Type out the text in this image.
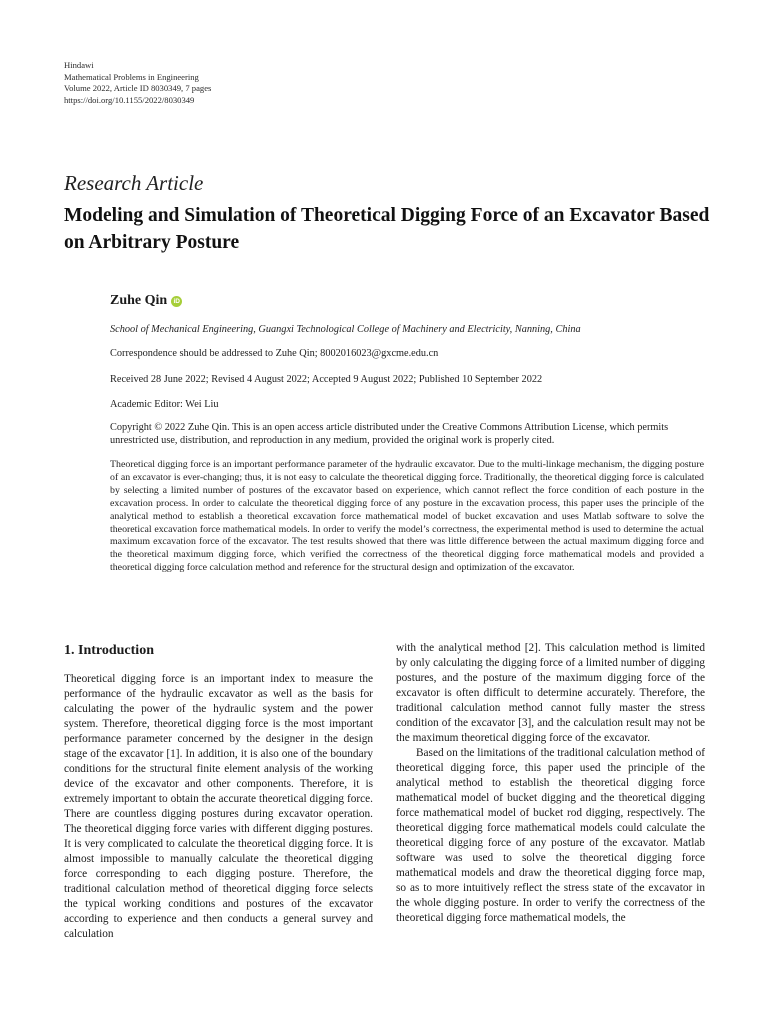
Hindawi
Mathematical Problems in Engineering
Volume 2022, Article ID 8030349, 7 pages
https://doi.org/10.1155/2022/8030349
Research Article
Modeling and Simulation of Theoretical Digging Force of an Excavator Based on Arbitrary Posture
Zuhe Qin iD
School of Mechanical Engineering, Guangxi Technological College of Machinery and Electricity, Nanning, China
Correspondence should be addressed to Zuhe Qin; 8002016023@gxcme.edu.cn
Received 28 June 2022; Revised 4 August 2022; Accepted 9 August 2022; Published 10 September 2022
Academic Editor: Wei Liu
Copyright © 2022 Zuhe Qin. This is an open access article distributed under the Creative Commons Attribution License, which permits unrestricted use, distribution, and reproduction in any medium, provided the original work is properly cited.
Theoretical digging force is an important performance parameter of the hydraulic excavator. Due to the multi-linkage mechanism, the digging posture of an excavator is ever-changing; thus, it is not easy to calculate the theoretical digging force. Traditionally, the theoretical digging force is calculated by selecting a limited number of postures of the excavator based on experience, which cannot reflect the force condition of each posture in the excavation process. In order to calculate the theoretical digging force of any posture in the excavation process, this paper uses the principle of the analytical method to establish a theoretical excavation force mathematical model of bucket excavation and uses Matlab software to solve the theoretical excavation force mathematical models. In order to verify the model’s correctness, the experimental method is used to determine the actual maximum excavation force of the excavator. The test results showed that there was little difference between the actual maximum digging force and the theoretical maximum digging force, which verified the correctness of the theoretical digging force mathematical models and provided a theoretical digging force calculation method and reference for the structural design and optimization of the excavator.
1. Introduction

Theoretical digging force is an important index to measure the performance of the hydraulic excavator as well as the basis for calculating the power of the hydraulic system and the power system. Therefore, theoretical digging force is the most important performance parameter concerned by the designer in the design stage of the excavator [1]. In addition, it is also one of the boundary conditions for the structural finite element analysis of the working device of the excavator and other components. Therefore, it is extremely important to obtain the accurate theoretical digging force. There are countless digging postures during excavator operation. The theoretical digging force varies with different digging postures. It is very complicated to calculate the theoretical digging force. It is almost impossible to manually calculate the theoretical digging force corresponding to each digging posture. Therefore, the traditional calculation method of theoretical digging force selects the typical working conditions and postures of the excavator according to experience and then conducts a general survey and calculation

with the analytical method [2]. This calculation method is limited by only calculating the digging force of a limited number of digging postures, and the posture of the maximum digging force of the excavator is often difficult to determine accurately. Therefore, the traditional calculation method cannot fully master the stress condition of the excavator [3], and the calculation result may not be the maximum theoretical digging force of the excavator.

Based on the limitations of the traditional calculation method of theoretical digging force, this paper used the principle of the analytical method to establish the theoretical digging force mathematical model of bucket digging and the theoretical digging force mathematical model of bucket rod digging, respectively. The theoretical digging force mathematical models could calculate the theoretical digging force of any posture of the excavator. Matlab software was used to solve the theoretical digging force mathematical models and draw the theoretical digging force map, so as to more intuitively reflect the stress state of the excavator in the whole digging posture. In order to verify the correctness of the theoretical digging force mathematical models, the
